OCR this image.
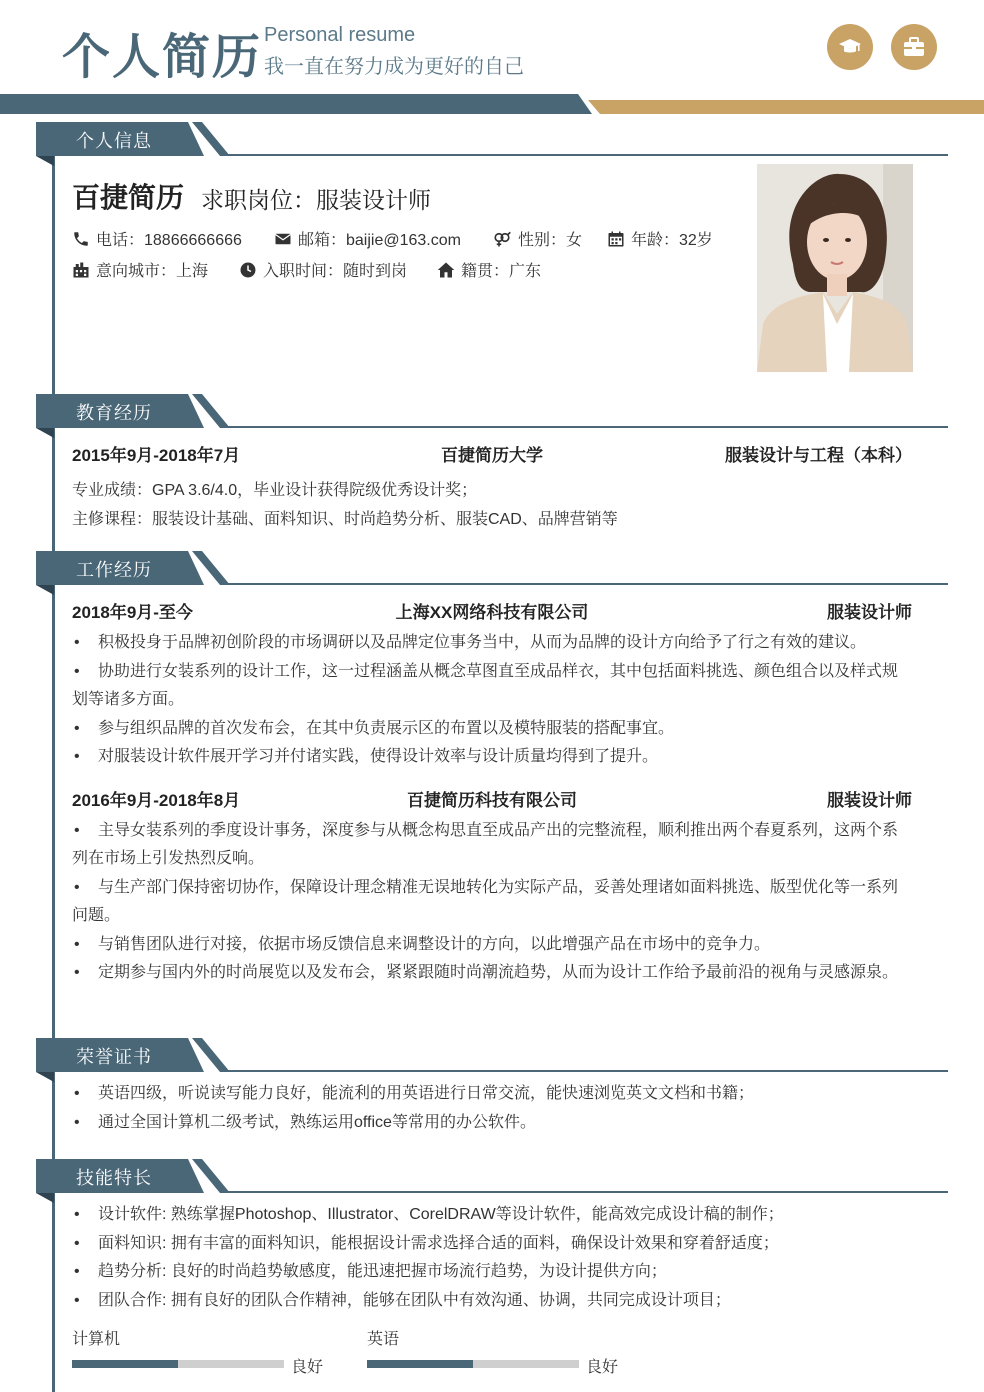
个人简历 Personal resume
我一直在努力成为更好的自己
个人信息
百捷简历 求职岗位：服装设计师
电话：18866666666	邮箱：baijie@163.com	性别：女	年龄：32岁
意向城市：上海	入职时间：随时到岗	籍贯：广东
教育经历
2015年9月-2018年7月	百捷简历大学	服装设计与工程（本科）
专业成绩：GPA 3.6/4.0，毕业设计获得院级优秀设计奖；
主修课程：服装设计基础、面料知识、时尚趋势分析、服装CAD、品牌营销等
工作经历
2018年9月-至今	上海XX网络科技有限公司	服装设计师
• 积极投身于品牌初创阶段的市场调研以及品牌定位事务当中，从而为品牌的设计方向给予了行之有效的建议。
• 协助进行女装系列的设计工作，这一过程涵盖从概念草图直至成品样衣，其中包括面料挑选、颜色组合以及样式规划等诸多方面。
• 参与组织品牌的首次发布会，在其中负责展示区的布置以及模特服装的搭配事宜。
• 对服装设计软件展开学习并付诸实践，使得设计效率与设计质量均得到了提升。
2016年9月-2018年8月	百捷简历科技有限公司	服装设计师
• 主导女装系列的季度设计事务，深度参与从概念构思直至成品产出的完整流程，顺利推出两个春夏系列，这两个系列在市场上引发热烈反响。
• 与生产部门保持密切协作，保障设计理念精准无误地转化为实际产品，妥善处理诸如面料挑选、版型优化等一系列问题。
• 与销售团队进行对接，依据市场反馈信息来调整设计的方向，以此增强产品在市场中的竞争力。
• 定期参与国内外的时尚展览以及发布会，紧紧跟随时尚潮流趋势，从而为设计工作给予最前沿的视角与灵感源泉。
荣誉证书
• 英语四级，听说读写能力良好，能流利的用英语进行日常交流，能快速浏览英文文档和书籍；
• 通过全国计算机二级考试，熟练运用office等常用的办公软件。
技能特长
• 设计软件: 熟练掌握Photoshop、Illustrator、CorelDRAW等设计软件，能高效完成设计稿的制作；
• 面料知识: 拥有丰富的面料知识，能根据设计需求选择合适的面料，确保设计效果和穿着舒适度；
• 趋势分析: 良好的时尚趋势敏感度，能迅速把握市场流行趋势，为设计提供方向；
• 团队合作: 拥有良好的团队合作精神，能够在团队中有效沟通、协调，共同完成设计项目；
计算机
良好
英语
良好
